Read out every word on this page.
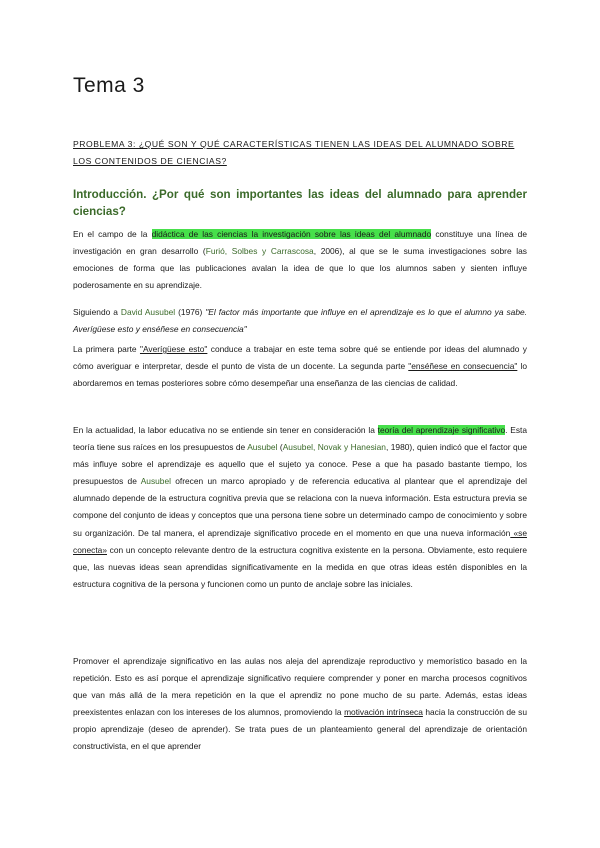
Tema 3

PROBLEMA 3: ¿QUÉ SON Y QUÉ CARACTERÍSTICAS TIENEN LAS IDEAS DEL ALUMNADO SOBRE LOS CONTENIDOS DE CIENCIAS?

Introducción. ¿Por qué son importantes las ideas del alumnado para aprender ciencias?

En el campo de la didáctica de las ciencias la investigación sobre las ideas del alumnado constituye una línea de investigación en gran desarrollo (Furió, Solbes y Carrascosa, 2006), al que se le suma investigaciones sobre las emociones de forma que las publicaciones avalan la idea de que lo que los alumnos saben y sienten influye poderosamente en su aprendizaje.

Siguiendo a David Ausubel (1976) "El factor más importante que influye en el aprendizaje es lo que el alumno ya sabe. Averígüese esto y enséñese en consecuencia"

La primera parte "Averígüese esto" conduce a trabajar en este tema sobre qué se entiende por ideas del alumnado y cómo averiguar e interpretar, desde el punto de vista de un docente. La segunda parte "enséñese en consecuencia" lo abordaremos en temas posteriores sobre cómo desempeñar una enseñanza de las ciencias de calidad.

En la actualidad, la labor educativa no se entiende sin tener en consideración la teoría del aprendizaje significativo. Esta teoría tiene sus raíces en los presupuestos de Ausubel (Ausubel, Novak y Hanesian, 1980), quien indicó que el factor que más influye sobre el aprendizaje es aquello que el sujeto ya conoce. Pese a que ha pasado bastante tiempo, los presupuestos de Ausubel ofrecen un marco apropiado y de referencia educativa al plantear que el aprendizaje del alumnado depende de la estructura cognitiva previa que se relaciona con la nueva información. Esta estructura previa se compone del conjunto de ideas y conceptos que una persona tiene sobre un determinado campo de conocimiento y sobre su organización. De tal manera, el aprendizaje significativo procede en el momento en que una nueva información «se conecta» con un concepto relevante dentro de la estructura cognitiva existente en la persona. Obviamente, esto requiere que, las nuevas ideas sean aprendidas significativamente en la medida en que otras ideas estén disponibles en la estructura cognitiva de la persona y funcionen como un punto de anclaje sobre las iniciales.

Promover el aprendizaje significativo en las aulas nos aleja del aprendizaje reproductivo y memorístico basado en la repetición. Esto es así porque el aprendizaje significativo requiere comprender y poner en marcha procesos cognitivos que van más allá de la mera repetición en la que el aprendiz no pone mucho de su parte. Además, estas ideas preexistentes enlazan con los intereses de los alumnos, promoviendo la motivación intrínseca hacia la construcción de su propio aprendizaje (deseo de aprender). Se trata pues de un planteamiento general del aprendizaje de orientación constructivista, en el que aprender
